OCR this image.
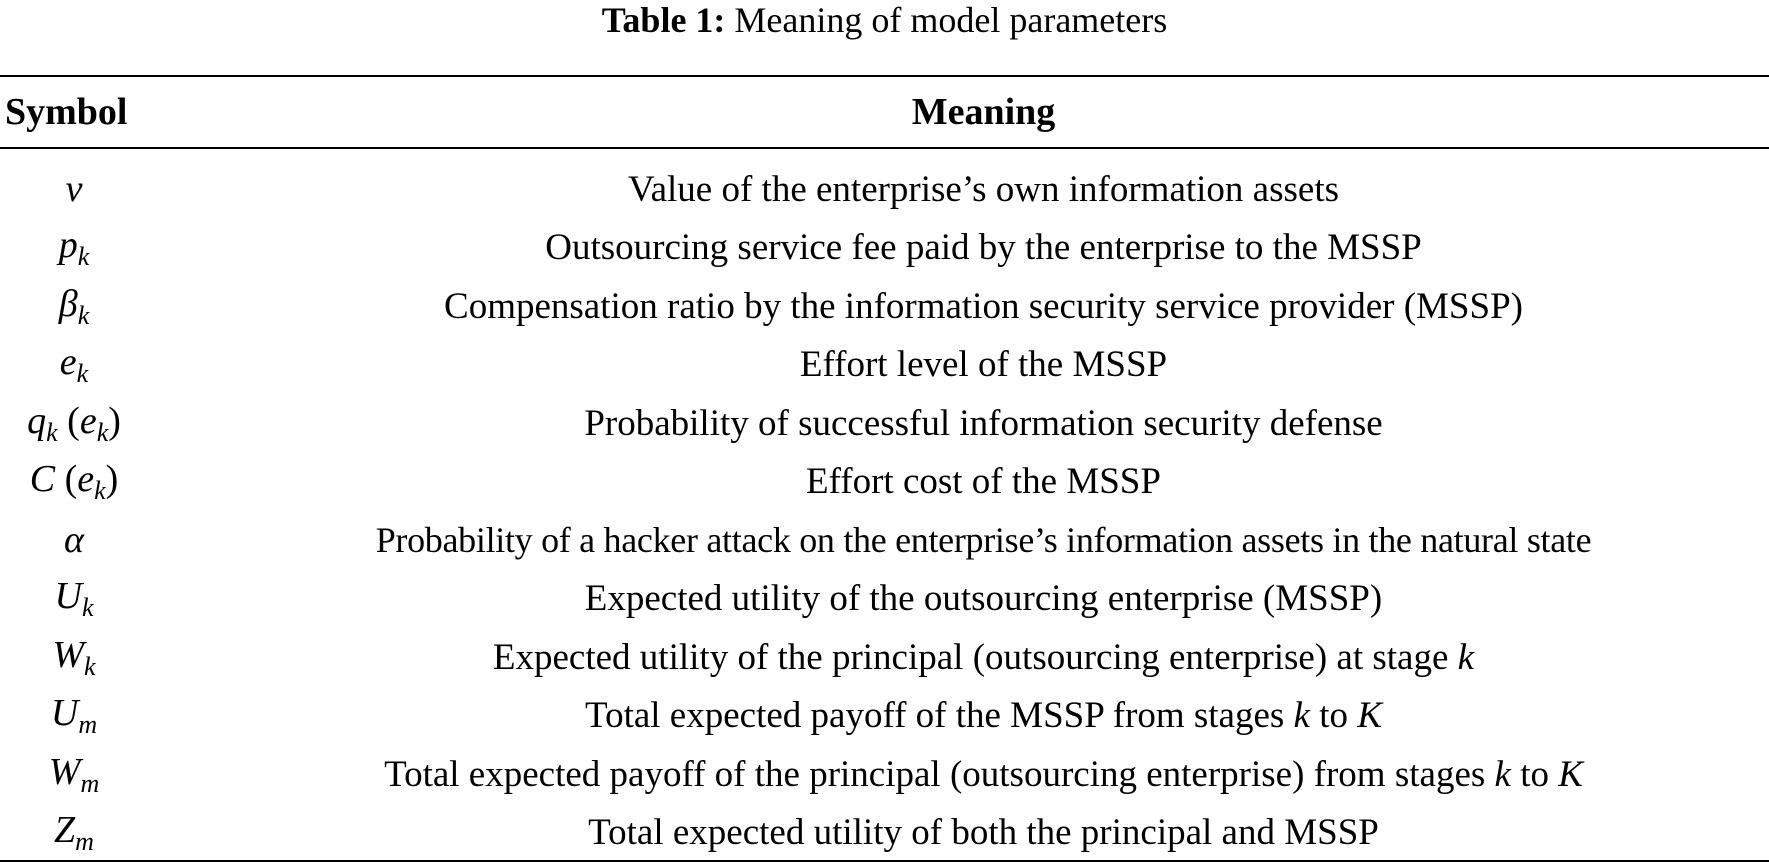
Table 1: Meaning of model parameters
Symbol	Meaning
v	Value of the enterprise’s own information assets
$p_k$	Outsourcing service fee paid by the enterprise to the MSSP
$\beta_k$	Compensation ratio by the information security service provider (MSSP)
$e_k$	Effort level of the MSSP
$q_k$ $(e_k)$	Probability of successful information security defense
C $(e_k)$	Effort cost of the MSSP
α	Probability of a hacker attack on the enterprise’s information assets in the natural state
$U_k$	Expected utility of the outsourcing enterprise (MSSP)
$W_k$	Expected utility of the principal (outsourcing enterprise) at stage k
$U_m$	Total expected payoff of the MSSP from stages k to K
$W_m$	Total expected payoff of the principal (outsourcing enterprise) from stages k to K
$Z_m$	Total expected utility of both the principal and MSSP
